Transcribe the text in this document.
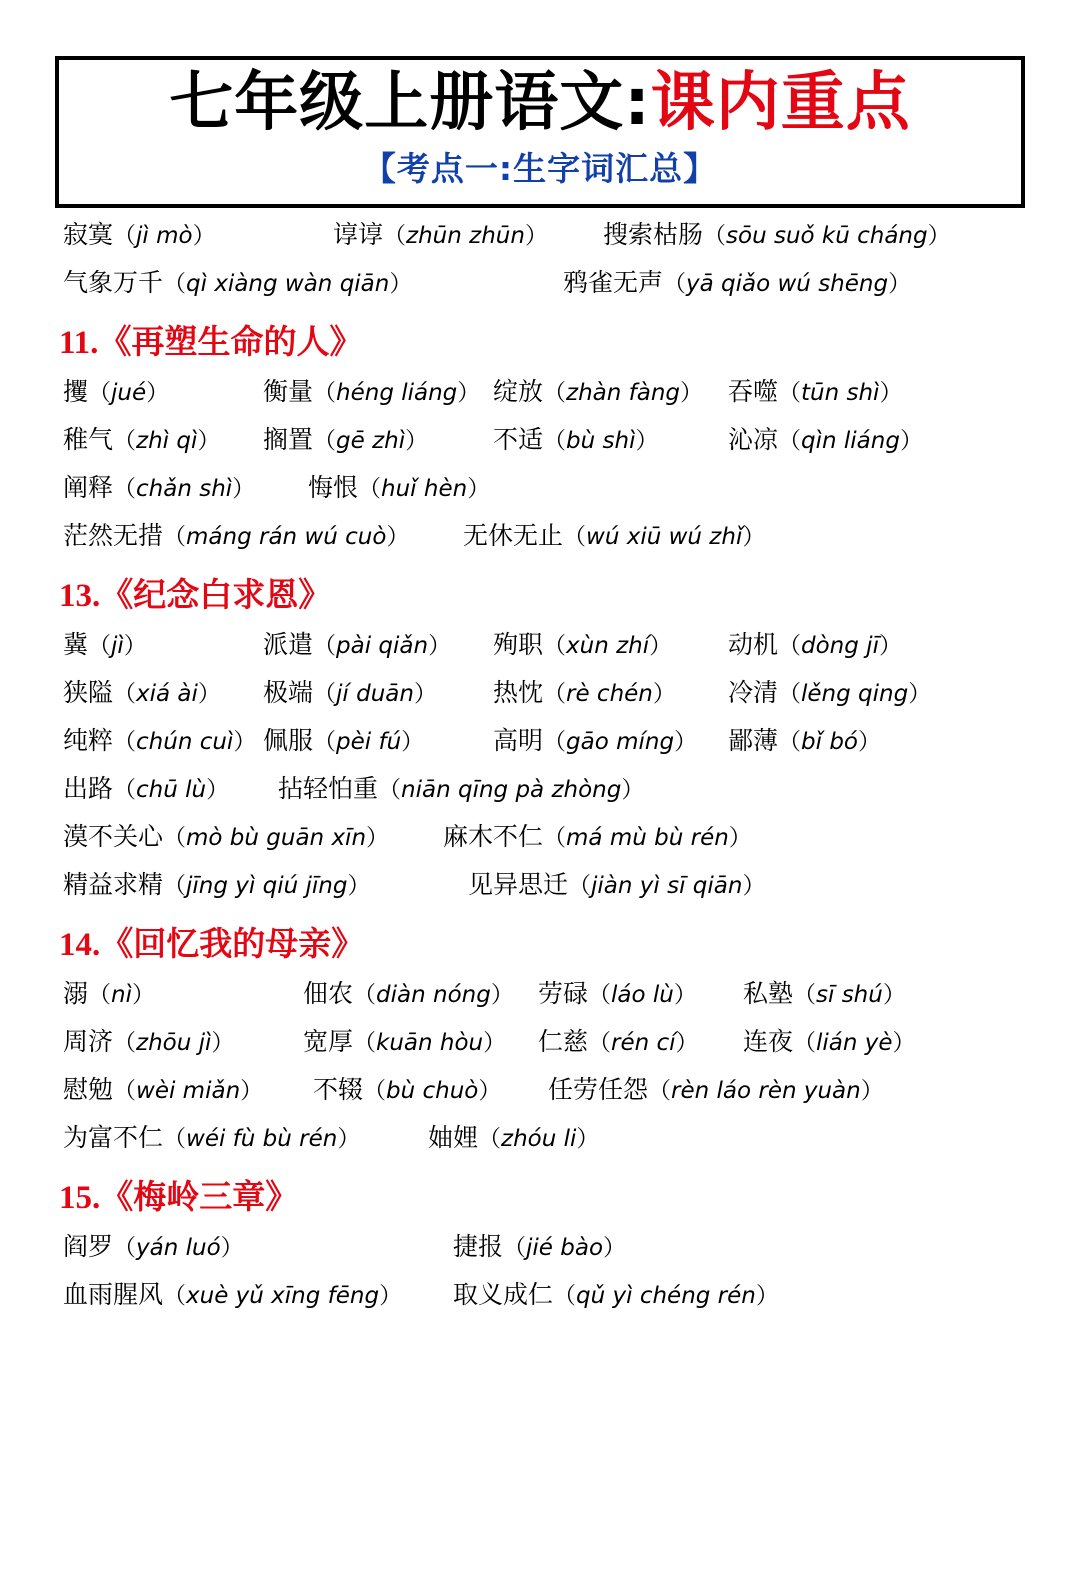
七年级上册语文:课内重点
【考点一:生字词汇总】
寂寞（jì mò）	谆谆（zhūn zhūn）	搜索枯肠（sōu suǒ kū cháng）
气象万千（qì xiàng wàn qiān）	鸦雀无声（yā qiǎo wú shēng）
11.《再塑生命的人》
攫（jué）	衡量（héng liáng） 绽放（zhàn fàng） 吞噬（tūn shì）
稚气（zhì qì）	搁置（gē zhì）	不适（bù shì）	沁凉（qìn liáng）
阐释（chǎn shì）	悔恨（huǐ hèn）
茫然无措（máng rán wú cuò）	无休无止（wú xiū wú zhǐ）
13.《纪念白求恩》
冀（jì）	派遣（pài qiǎn）	殉职（xùn zhí）	动机（dòng jī）
狭隘（xiá ài）	极端（jí duān）	热忱（rè chén）	冷清（lěng qing）
纯粹（chún cuì） 佩服（pèi fú）	高明（gāo míng）	鄙薄（bǐ bó）
出路（chū lù）	拈轻怕重（niān qīng pà zhòng）
漠不关心（mò bù guān xīn）	麻木不仁（má mù bù rén）
精益求精（jīng yì qiú jīng）	见异思迁（jiàn yì sī qiān）
14.《回忆我的母亲》
溺（nì）	佃农（diàn nóng） 劳碌（láo lù）	私塾（sī shú）
周济（zhōu jì）	宽厚（kuān hòu）	仁慈（rén cí）	连夜（lián yè）
慰勉（wèi miǎn）	不辍（bù chuò）	任劳任怨（rèn láo rèn yuàn）
为富不仁（wéi fù bù rén）	妯娌（zhóu li）
15.《梅岭三章》
阎罗（yán luó）	捷报（jié bào）
血雨腥风（xuè yǔ xīng fēng）	取义成仁（qǔ yì chéng rén）
